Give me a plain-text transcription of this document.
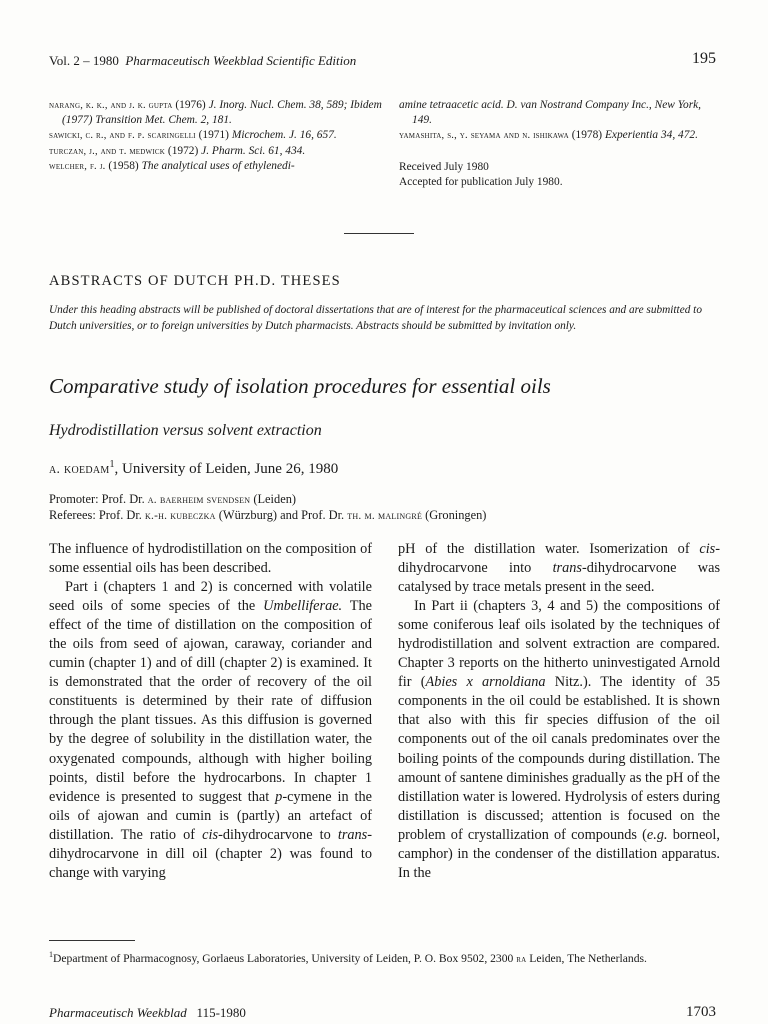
Vol. 2 – 1980 Pharmaceutisch Weekblad Scientific Edition	195

narang, k. k., and j. k. gupta (1976) J. Inorg. Nucl. Chem. 38, 589; Ibidem (1977) Transition Met. Chem. 2, 181.

sawicki, c. r., and f. p. scaringelli (1971) Microchem. J. 16, 657.

turczan, j., and t. medwick (1972) J. Pharm. Sci. 61, 434.

welcher, f. j. (1958) The analytical uses of ethylenedi-

amine tetraacetic acid. D. van Nostrand Company Inc., New York, 149.

yamashita, s., y. seyama and n. ishikawa (1978) Experientia 34, 472.

Received July 1980
Accepted for publication July 1980.
ABSTRACTS OF DUTCH PH.D. THESES
Under this heading abstracts will be published of doctoral dissertations that are of interest for the pharmaceutical sciences and are submitted to Dutch universities, or to foreign universities by Dutch pharmacists. Abstracts should be submitted by invitation only.
Comparative study of isolation procedures for essential oils
Hydrodistillation versus solvent extraction
a. koedam$^1$, University of Leiden, June 26, 1980
Promoter: Prof. Dr. a. baerheim svendsen (Leiden)
Referees: Prof. Dr. k.-h. kubeczka (Würzburg) and Prof. Dr. th. m. malingré (Groningen)

The influence of hydrodistillation on the composition of some essential oils has been described.

Part i (chapters 1 and 2) is concerned with volatile seed oils of some species of the Umbelliferae. The effect of the time of distillation on the composition of the oils from seed of ajowan, caraway, coriander and cumin (chapter 1) and of dill (chapter 2) is examined. It is demonstrated that the order of recovery of the oil constituents is determined by their rate of diffusion through the plant tissues. As this diffusion is governed by the degree of solubility in the distillation water, the oxygenated compounds, although with higher boiling points, distil before the hydrocarbons. In chapter 1 evidence is presented to suggest that p-cymene in the oils of ajowan and cumin is (partly) an artefact of distillation. The ratio of cis-dihydrocarvone to trans-dihydrocarvone in dill oil (chapter 2) was found to change with varying

pH of the distillation water. Isomerization of cis-dihydrocarvone into trans-dihydrocarvone was catalysed by trace metals present in the seed.

In Part ii (chapters 3, 4 and 5) the compositions of some coniferous leaf oils isolated by the techniques of hydrodistillation and solvent extraction are compared. Chapter 3 reports on the hitherto uninvestigated Arnold fir (Abies x arnoldiana Nitz.). The identity of 35 components in the oil could be established. It is shown that also with this fir species diffusion of the oil components out of the oil canals predominates over the boiling points of the compounds during distillation. The amount of santene diminishes gradually as the pH of the distillation water is lowered. Hydrolysis of esters during distillation is discussed; attention is focused on the problem of crystallization of compounds (e.g. borneol, camphor) in the condenser of the distillation apparatus. In the

$^1$Department of Pharmacognosy, Gorlaeus Laboratories, University of Leiden, P. O. Box 9502, 2300 ra Leiden, The Netherlands.
Pharmaceutisch Weekblad 115-1980	1703
